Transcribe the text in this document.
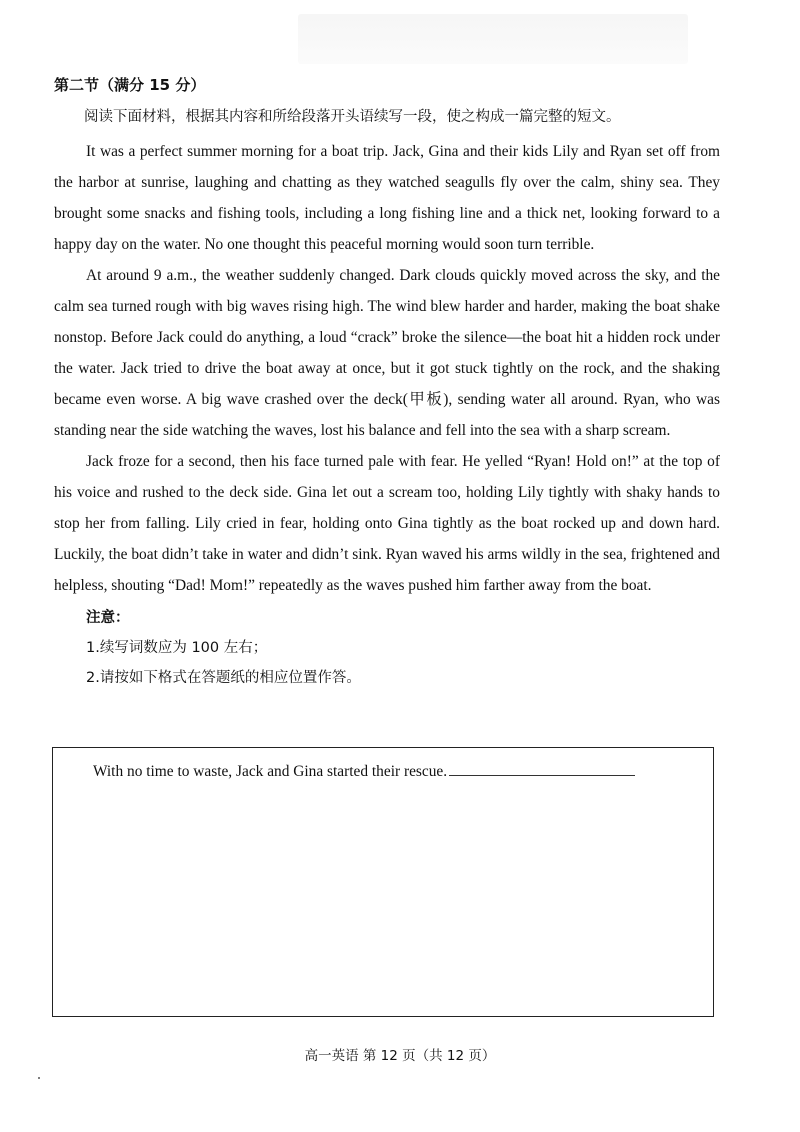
第二节（满分 15 分）
阅读下面材料，根据其内容和所给段落开头语续写一段，使之构成一篇完整的短文。

It was a perfect summer morning for a boat trip. Jack, Gina and their kids Lily and Ryan set off from the harbor at sunrise, laughing and chatting as they watched seagulls fly over the calm, shiny sea. They brought some snacks and fishing tools, including a long fishing line and a thick net, looking forward to a happy day on the water. No one thought this peaceful morning would soon turn terrible.

At around 9 a.m., the weather suddenly changed. Dark clouds quickly moved across the sky, and the calm sea turned rough with big waves rising high. The wind blew harder and harder, making the boat shake nonstop. Before Jack could do anything, a loud “crack” broke the silence—the boat hit a hidden rock under the water. Jack tried to drive the boat away at once, but it got stuck tightly on the rock, and the shaking became even worse. A big wave crashed over the deck(甲板), sending water all around. Ryan, who was standing near the side watching the waves, lost his balance and fell into the sea with a sharp scream.

Jack froze for a second, then his face turned pale with fear. He yelled “Ryan! Hold on!” at the top of his voice and rushed to the deck side. Gina let out a scream too, holding Lily tightly with shaky hands to stop her from falling. Lily cried in fear, holding onto Gina tightly as the boat rocked up and down hard. Luckily, the boat didn’t take in water and didn’t sink. Ryan waved his arms wildly in the sea, frightened and helpless, shouting “Dad! Mom!” repeatedly as the waves pushed him farther away from the boat.

注意：
1.续写词数应为 100 左右；
2.请按如下格式在答题纸的相应位置作答。
With no time to waste, Jack and Gina started their rescue.
高一英语 第 12 页（共 12 页）
